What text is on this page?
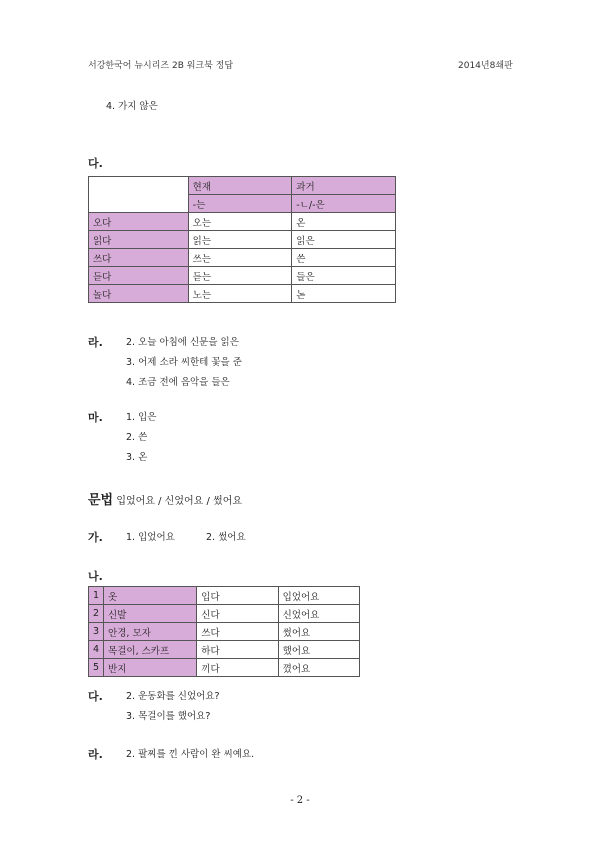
서강한국어 뉴시리즈 2B 워크북 정답	2014년8쇄판
4. 가지 않은
다.
	현재	과거
	-는	-ㄴ/-은
오다	오는	온
읽다	읽는	읽은
쓰다	쓰는	쓴
듣다	듣는	들은
놀다	노는	논
라. 2. 오늘 아침에 신문을 읽은
3. 어제 소라 씨한테 꽃을 준
4. 조금 전에 음악을 들은
마. 1. 입은
2. 쓴
3. 온
문법 입었어요 / 신었어요 / 썼어요
가. 1. 입었어요	2. 썼어요
나.
1	옷	입다	입었어요
2	신발	신다	신었어요
3	안경, 모자	쓰다	썼어요
4	목걸이, 스카프	하다	했어요
5	반지	끼다	꼈어요
다. 2. 운동화를 신었어요?
3. 목걸이를 했어요?
라. 2. 팔찌를 낀 사람이 완 씨예요.
- 2 -
